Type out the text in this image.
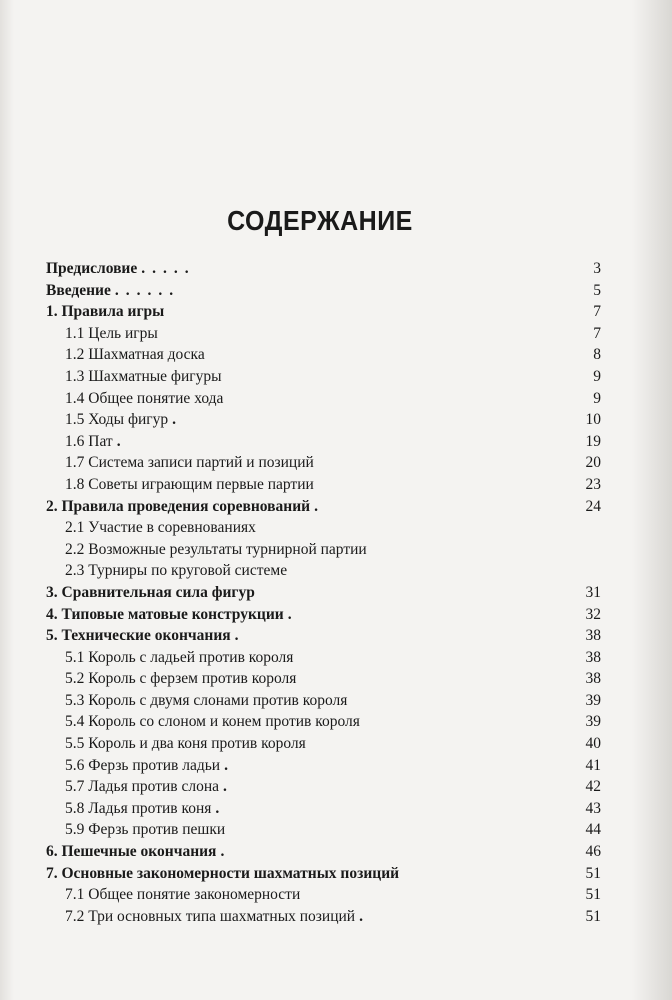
СОДЕРЖАНИЕ
Предисловие .....	3
Введение ......	5
1. Правила игры	7
1.1 Цель игры	7
1.2 Шахматная доска	8
1.3 Шахматные фигуры	9
1.4 Общее понятие хода	9
1.5 Ходы фигур .	10
1.6 Пат .	19
1.7 Система записи партий и позиций	20
1.8 Советы играющим первые партии	23
2. Правила проведения соревнований .	24
2.1 Участие в соревнованиях
2.2 Возможные результаты турнирной партии
2.3 Турниры по круговой системе
3. Сравнительная сила фигур	31
4. Типовые матовые конструкции .	32
5. Технические окончания .	38
5.1 Король с ладьей против короля	38
5.2 Король с ферзем против короля	38
5.3 Король с двумя слонами против короля	39
5.4 Король со слоном и конем против короля	39
5.5 Король и два коня против короля	40
5.6 Ферзь против ладьи .	41
5.7 Ладья против слона .	42
5.8 Ладья против коня .	43
5.9 Ферзь против пешки	44
6. Пешечные окончания .	46
7. Основные закономерности шахматных позиций	51
7.1 Общее понятие закономерности	51
7.2 Три основных типа шахматных позиций .	51
